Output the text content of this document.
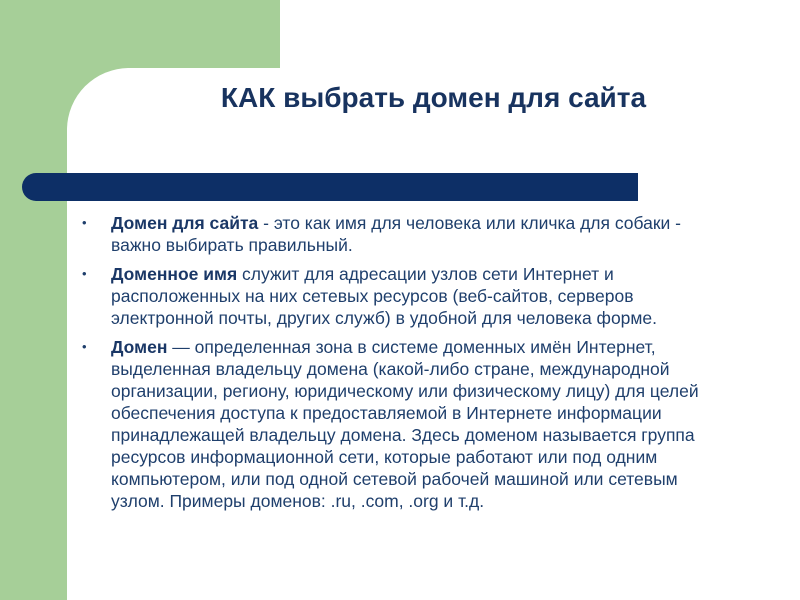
КАК выбрать домен для сайта
•	Домен для сайта - это как имя для человека или кличка для собаки - важно выбирать правильный.
•	Доменное имя служит для адресации узлов сети Интернет и расположенных на них сетевых ресурсов (веб-сайтов, серверов электронной почты, других служб) в удобной для человека форме.
•	Домен — определенная зона в системе доменных имён Интернет, выделенная владельцу домена (какой-либо стране, международной организации, региону, юридическому или физическому лицу) для целей обеспечения доступа к предоставляемой в Интернете информации принадлежащей владельцу домена. Здесь доменом называется группа ресурсов информационной сети, которые работают или под одним компьютером, или под одной сетевой рабочей машиной или сетевым узлом. Примеры доменов: .ru, .com, .org и т.д.
